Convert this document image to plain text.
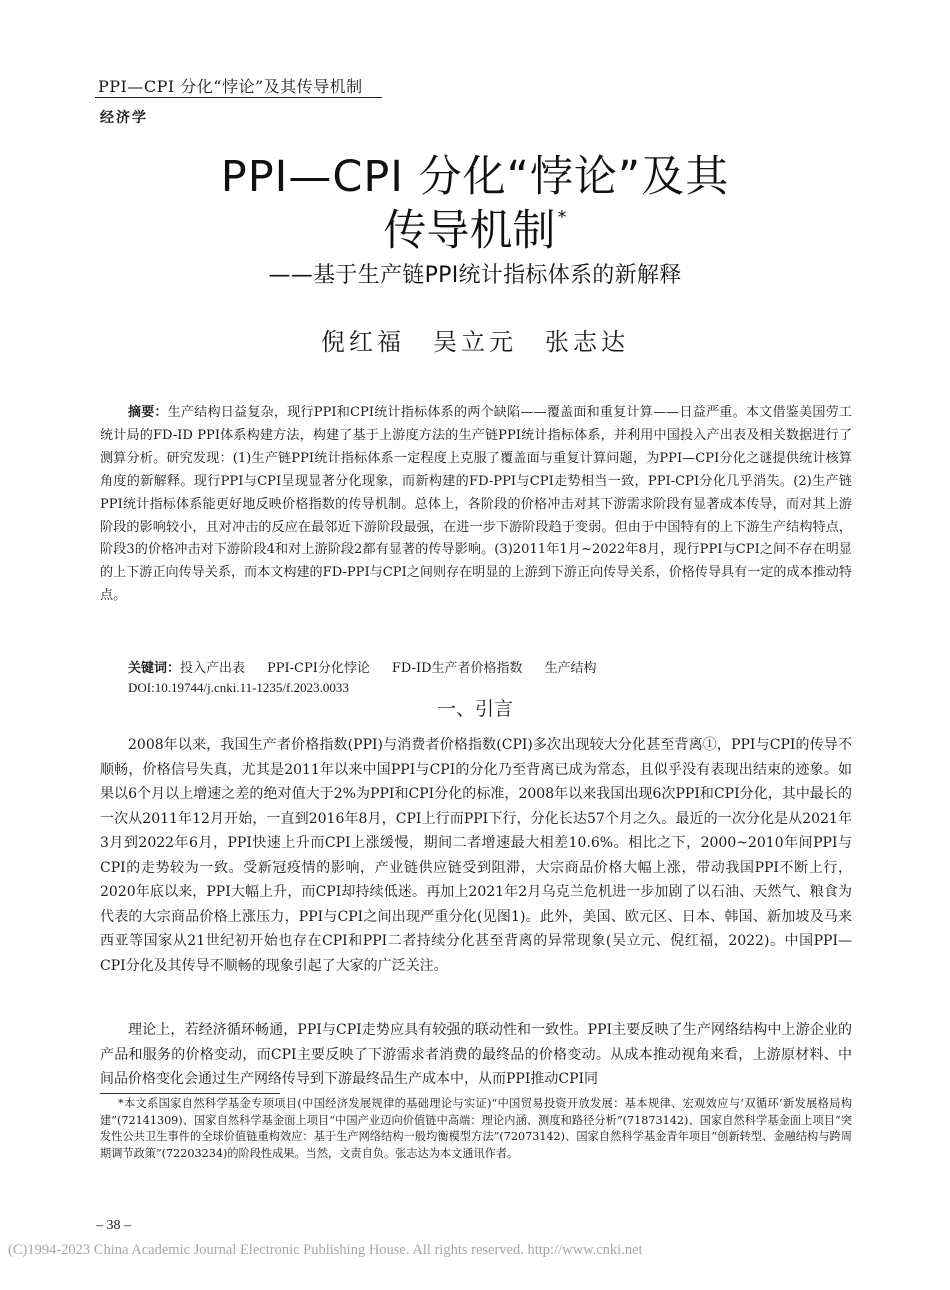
PPI—CPI 分化“悖论”及其传导机制
经济学
PPI—CPI 分化“悖论”及其
传导机制 *
——基于生产链PPI统计指标体系的新解释
倪红福 吴立元 张志达
摘要：生产结构日益复杂，现行PPI和CPI统计指标体系的两个缺陷——覆盖面和重复计算——日益严重。本文借鉴美国劳工统计局的FD-ID PPI体系构建方法，构建了基于上游度方法的生产链PPI统计指标体系，并利用中国投入产出表及相关数据进行了测算分析。研究发现：(1)生产链PPI统计指标体系一定程度上克服了覆盖面与重复计算问题，为PPI—CPI分化之谜提供统计核算角度的新解释。现行PPI与CPI呈现显著分化现象，而新构建的FD-PPI与CPI走势相当一致，PPI-CPI分化几乎消失。(2)生产链PPI统计指标体系能更好地反映价格指数的传导机制。总体上，各阶段的价格冲击对其下游需求阶段有显著成本传导，而对其上游阶段的影响较小，且对冲击的反应在最邻近下游阶段最强，在进一步下游阶段趋于变弱。但由于中国特有的上下游生产结构特点，阶段3的价格冲击对下游阶段4和对上游阶段2都有显著的传导影响。(3)2011年1月~2022年8月，现行PPI与CPI之间不存在明显的上下游正向传导关系，而本文构建的FD-PPI与CPI之间则存在明显的上游到下游正向传导关系，价格传导具有一定的成本推动特点。
关键词：投入产出表 PPI-CPI分化悖论 FD-ID生产者价格指数 生产结构
DOI:10.19744/j.cnki.11-1235/f.2023.0033
一、引言

2008年以来，我国生产者价格指数(PPI)与消费者价格指数(CPI)多次出现较大分化甚至背离①，PPI与CPI的传导不顺畅，价格信号失真，尤其是2011年以来中国PPI与CPI的分化乃至背离已成为常态，且似乎没有表现出结束的迹象。如果以6个月以上增速之差的绝对值大于2%为PPI和CPI分化的标准，2008年以来我国出现6次PPI和CPI分化，其中最长的一次从2011年12月开始，一直到2016年8月，CPI上行而PPI下行，分化长达57个月之久。最近的一次分化是从2021年3月到2022年6月，PPI快速上升而CPI上涨缓慢，期间二者增速最大相差10.6%。相比之下，2000~2010年间PPI与CPI的走势较为一致。受新冠疫情的影响，产业链供应链受到阻滞，大宗商品价格大幅上涨，带动我国PPI不断上行，2020年底以来，PPI大幅上升，而CPI却持续低迷。再加上2021年2月乌克兰危机进一步加剧了以石油、天然气、粮食为代表的大宗商品价格上涨压力，PPI与CPI之间出现严重分化(见图1)。此外，美国、欧元区、日本、韩国、新加坡及马来西亚等国家从21世纪初开始也存在CPI和PPI二者持续分化甚至背离的异常现象(吴立元、倪红福，2022)。中国PPI—CPI分化及其传导不顺畅的现象引起了大家的广泛关注。

理论上，若经济循环畅通，PPI与CPI走势应具有较强的联动性和一致性。PPI主要反映了生产网络结构中上游企业的产品和服务的价格变动，而CPI主要反映了下游需求者消费的最终品的价格变动。从成本推动视角来看，上游原材料、中间品价格变化会通过生产网络传导到下游最终品生产成本中，从而PPI推动CPI同

*本文系国家自然科学基金专项项目(中国经济发展规律的基础理论与实证)“中国贸易投资开放发展：基本规律、宏观效应与‘双循环’新发展格局构建”(72141309)、国家自然科学基金面上项目“中国产业迈向价值链中高端：理论内涵、测度和路径分析”(71873142)、国家自然科学基金面上项目“突发性公共卫生事件的全球价值链重构效应：基于生产网络结构一般均衡模型方法”(72073142)、国家自然科学基金青年项目“创新转型、金融结构与跨周期调节政策”(72203234)的阶段性成果。当然，文责自负。张志达为本文通讯作者。
– 38 –
(C)1994-2023 China Academic Journal Electronic Publishing House. All rights reserved. http://www.cnki.net
